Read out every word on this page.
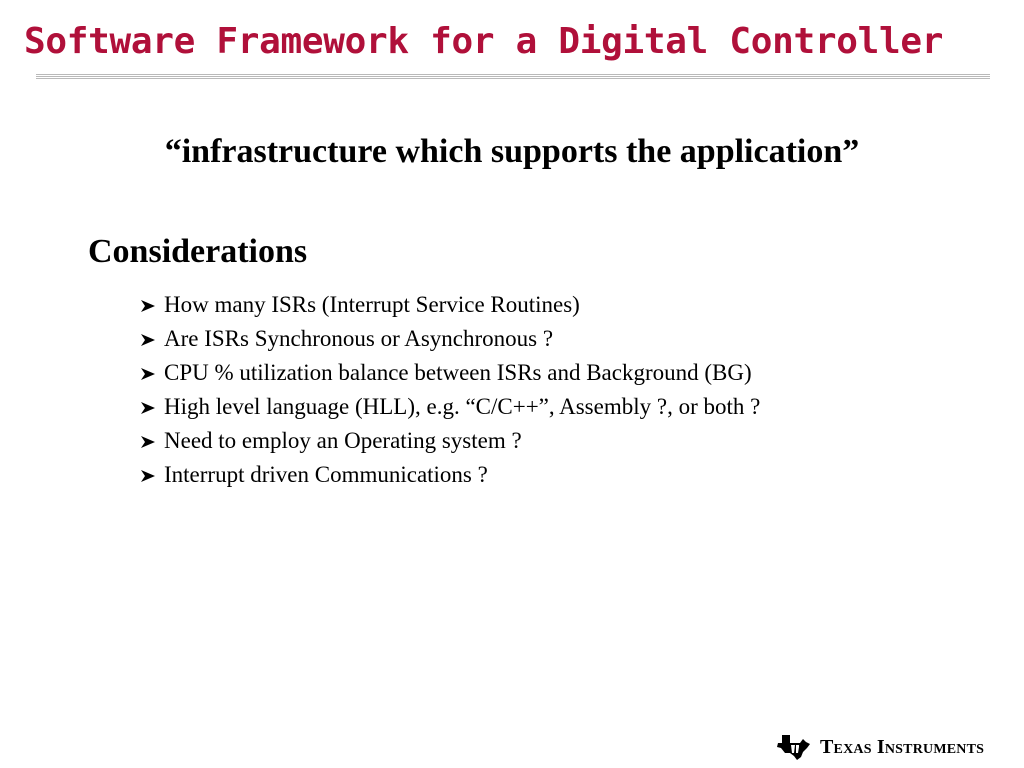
Software Framework for a Digital Controller
“infrastructure which supports the application”
Considerations
How many ISRs (Interrupt Service Routines)
Are ISRs Synchronous or Asynchronous ?
CPU % utilization balance between ISRs and Background (BG)
High level language (HLL), e.g. “C/C++”, Assembly ?, or both ?
Need to employ an Operating system ?
Interrupt driven Communications ?
Texas Instruments
